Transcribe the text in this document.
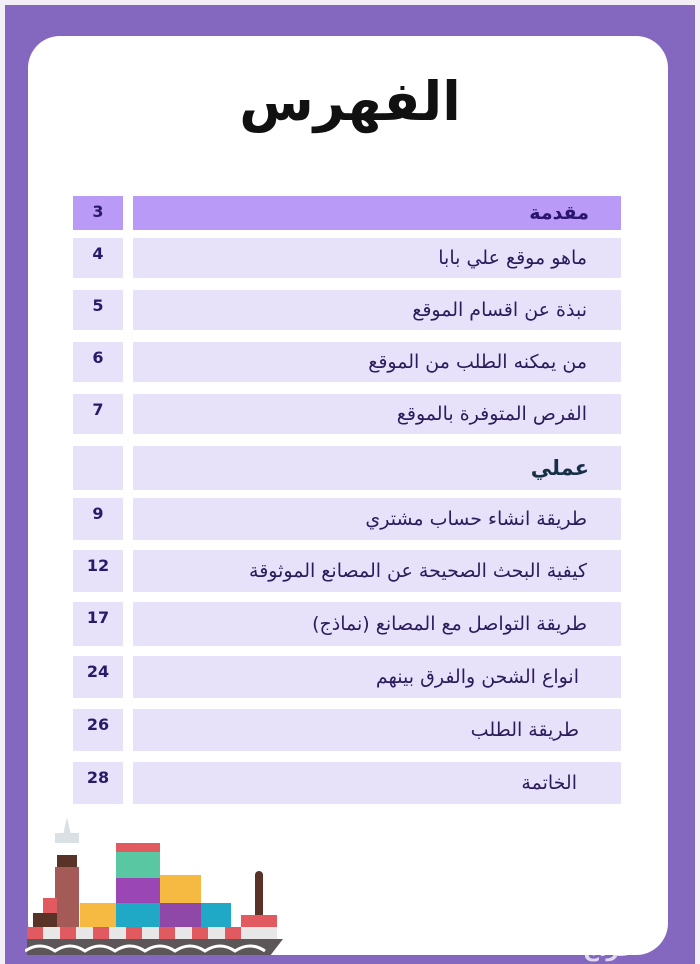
الفهرس
3	مقدمة
4	ماهو موقع علي بابا
5	نبذة عن اقسام الموقع
6	من يمكنه الطلب من الموقع
7	الفرص المتوفرة بالموقع
عملي
9	طريقة انشاء حساب مشتري
12	كيفية البحث الصحيحة عن المصانع الموثوقة
17	طريقة التواصل مع المصانع (نماذج)
24	انواع الشحن والفرق بينهم
26	طريقة الطلب
28	الخاتمة
حراج
